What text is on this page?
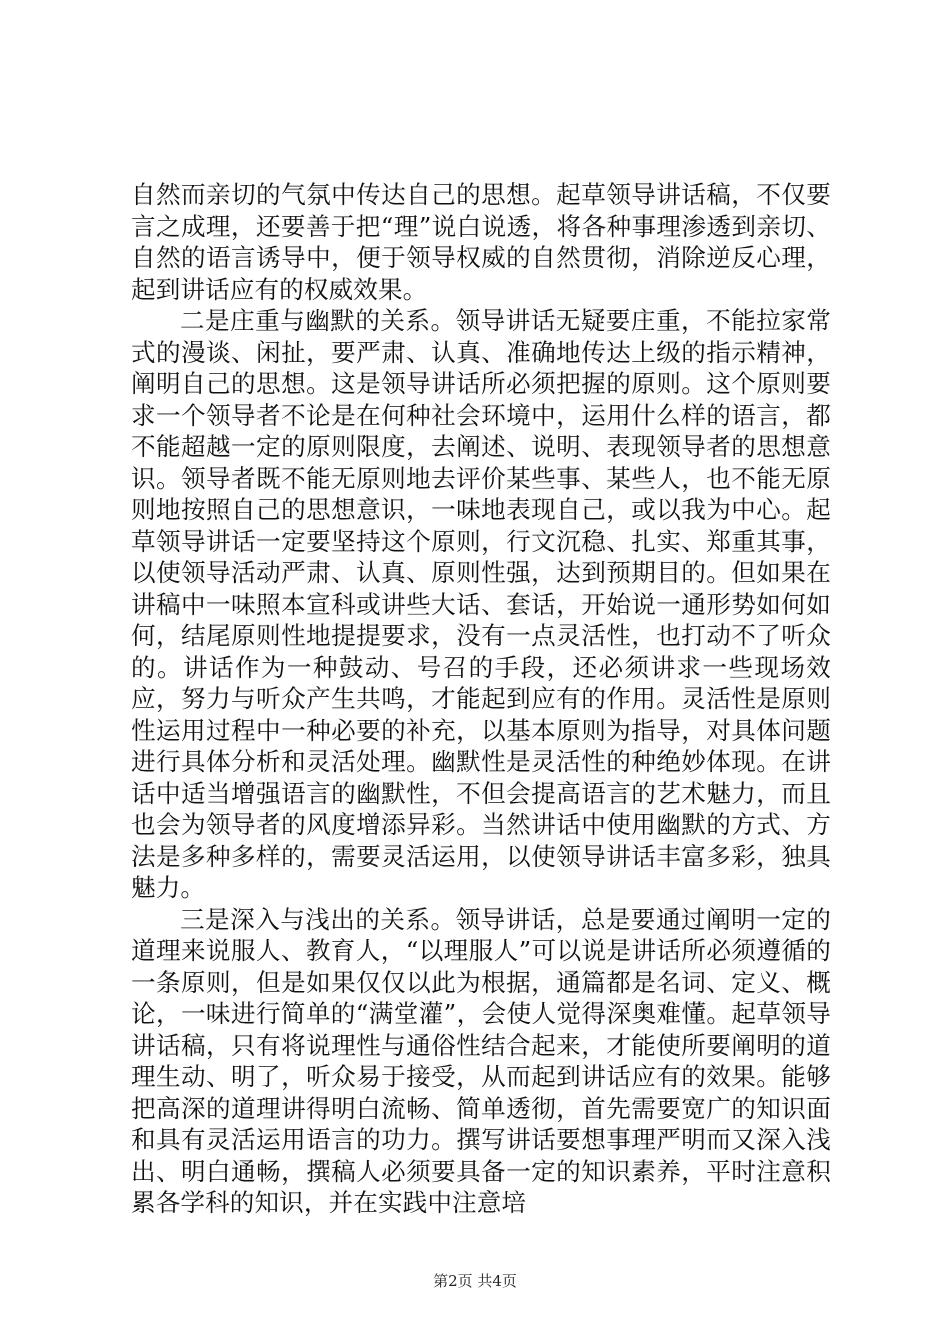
自然而亲切的气氛中传达自己的思想。起草领导讲话稿，不仅要言之成理，还要善于把“理”说白说透，将各种事理渗透到亲切、自然的语言诱导中，便于领导权威的自然贯彻，消除逆反心理，起到讲话应有的权威效果。

二是庄重与幽默的关系。领导讲话无疑要庄重，不能拉家常式的漫谈、闲扯，要严肃、认真、准确地传达上级的指示精神，阐明自己的思想。这是领导讲话所必须把握的原则。这个原则要求一个领导者不论是在何种社会环境中，运用什么样的语言，都不能超越一定的原则限度，去阐述、说明、表现领导者的思想意识。领导者既不能无原则地去评价某些事、某些人，也不能无原则地按照自己的思想意识，一味地表现自己，或以我为中心。起草领导讲话一定要坚持这个原则，行文沉稳、扎实、郑重其事，以使领导活动严肃、认真、原则性强，达到预期目的。但如果在讲稿中一味照本宣科或讲些大话、套话，开始说一通形势如何如何，结尾原则性地提提要求，没有一点灵活性，也打动不了听众的。讲话作为一种鼓动、号召的手段，还必须讲求一些现场效应，努力与听众产生共鸣，才能起到应有的作用。灵活性是原则性运用过程中一种必要的补充，以基本原则为指导，对具体问题进行具体分析和灵活处理。幽默性是灵活性的种绝妙体现。在讲话中适当增强语言的幽默性，不但会提高语言的艺术魅力，而且也会为领导者的风度增添异彩。当然讲话中使用幽默的方式、方法是多种多样的，需要灵活运用，以使领导讲话丰富多彩，独具魅力。

三是深入与浅出的关系。领导讲话，总是要通过阐明一定的道理来说服人、教育人，“以理服人”可以说是讲话所必须遵循的一条原则，但是如果仅仅以此为根据，通篇都是名词、定义、概论，一味进行简单的“满堂灌”，会使人觉得深奥难懂。起草领导讲话稿，只有将说理性与通俗性结合起来，才能使所要阐明的道理生动、明了，听众易于接受，从而起到讲话应有的效果。能够把高深的道理讲得明白流畅、简单透彻，首先需要宽广的知识面和具有灵活运用语言的功力。撰写讲话要想事理严明而又深入浅出、明白通畅，撰稿人必须要具备一定的知识素养，平时注意积累各学科的知识，并在实践中注意培

第2页 共4页
